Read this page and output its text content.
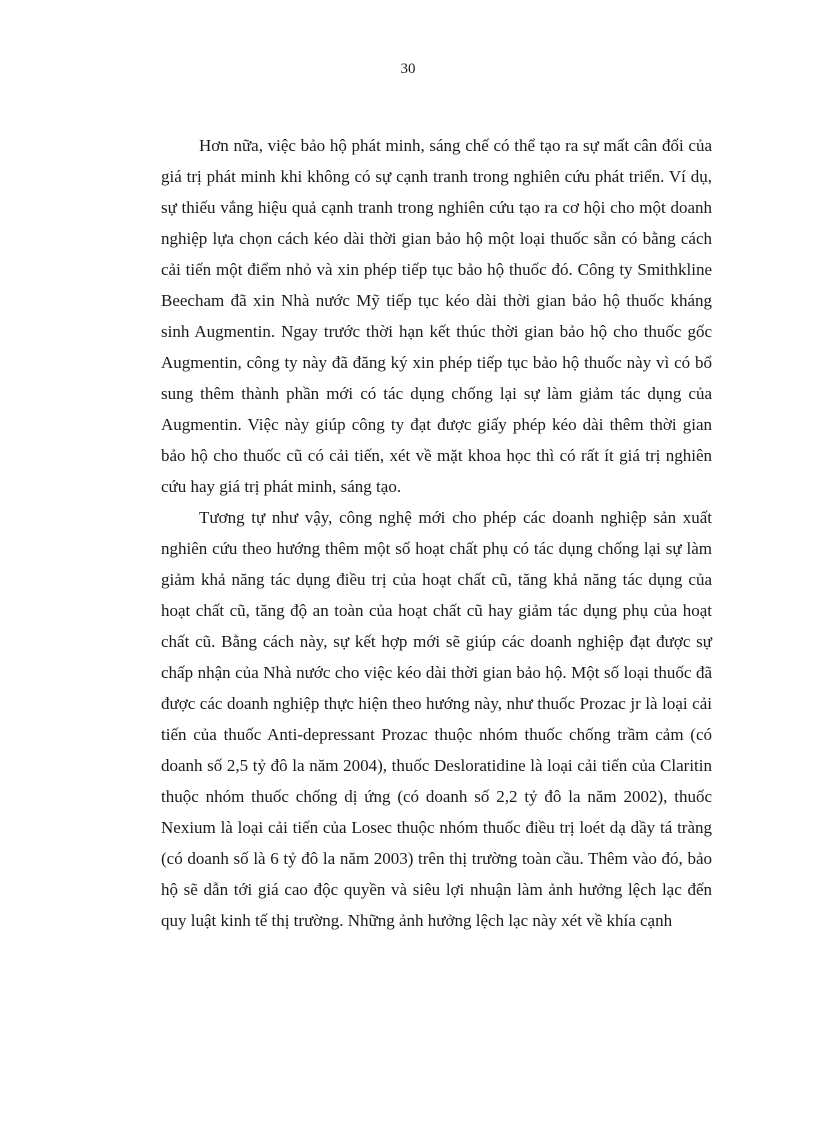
30

Hơn nữa, việc bảo hộ phát minh, sáng chế có thể tạo ra sự mất cân đối của giá trị phát minh khi không có sự cạnh tranh trong nghiên cứu phát triển. Ví dụ, sự thiếu vắng hiệu quả cạnh tranh trong nghiên cứu tạo ra cơ hội cho một doanh nghiệp lựa chọn cách kéo dài thời gian bảo hộ một loại thuốc sẵn có bằng cách cải tiến một điểm nhỏ và xin phép tiếp tục bảo hộ thuốc đó. Công ty Smithkline Beecham đã xin Nhà nước Mỹ tiếp tục kéo dài thời gian bảo hộ thuốc kháng sinh Augmentin. Ngay trước thời hạn kết thúc thời gian bảo hộ cho thuốc gốc Augmentin, công ty này đã đăng ký xin phép tiếp tục bảo hộ thuốc này vì có bổ sung thêm thành phần mới có tác dụng chống lại sự làm giảm tác dụng của Augmentin. Việc này giúp công ty đạt được giấy phép kéo dài thêm thời gian bảo hộ cho thuốc cũ có cải tiến, xét về mặt khoa học thì có rất ít giá trị nghiên cứu hay giá trị phát minh, sáng tạo.

Tương tự như vậy, công nghệ mới cho phép các doanh nghiệp sản xuất nghiên cứu theo hướng thêm một số hoạt chất phụ có tác dụng chống lại sự làm giảm khả năng tác dụng điều trị của hoạt chất cũ, tăng khả năng tác dụng của hoạt chất cũ, tăng độ an toàn của hoạt chất cũ hay giảm tác dụng phụ của hoạt chất cũ. Bằng cách này, sự kết hợp mới sẽ giúp các doanh nghiệp đạt được sự chấp nhận của Nhà nước cho việc kéo dài thời gian bảo hộ. Một số loại thuốc đã được các doanh nghiệp thực hiện theo hướng này, như thuốc Prozac jr là loại cải tiến của thuốc Anti-depressant Prozac thuộc nhóm thuốc chống trầm cảm (có doanh số 2,5 tỷ đô la năm 2004), thuốc Desloratidine là loại cải tiến của Claritin thuộc nhóm thuốc chống dị ứng (có doanh số 2,2 tỷ đô la năm 2002), thuốc Nexium là loại cải tiến của Losec thuộc nhóm thuốc điều trị loét dạ dầy tá tràng (có doanh số là 6 tỷ đô la năm 2003) trên thị trường toàn cầu. Thêm vào đó, bảo hộ sẽ dẫn tới giá cao độc quyền và siêu lợi nhuận làm ảnh hưởng lệch lạc đến quy luật kinh tế thị trường. Những ảnh hưởng lệch lạc này xét về khía cạnh
